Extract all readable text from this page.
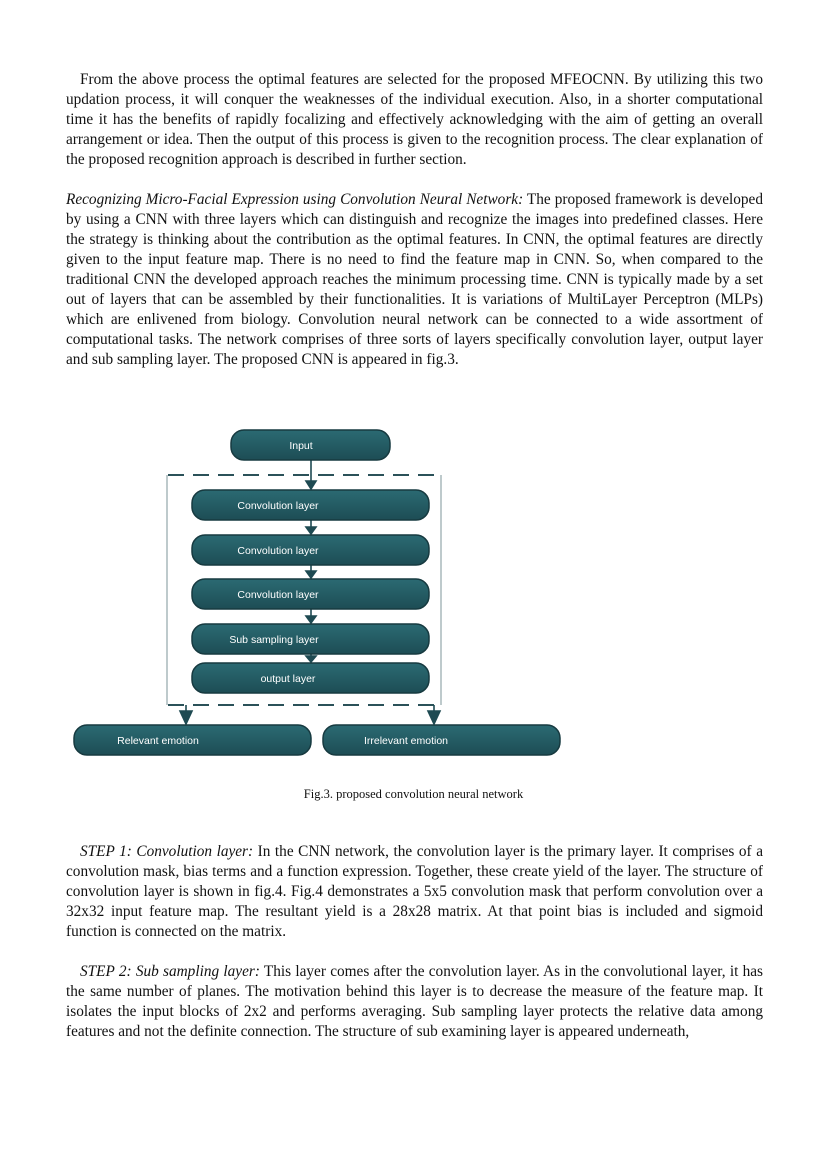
From the above process the optimal features are selected for the proposed MFEOCNN. By utilizing this two updation process, it will conquer the weaknesses of the individual execution. Also, in a shorter computational time it has the benefits of rapidly focalizing and effectively acknowledging with the aim of getting an overall arrangement or idea. Then the output of this process is given to the recognition process. The clear explanation of the proposed recognition approach is described in further section.

Recognizing Micro-Facial Expression using Convolution Neural Network: The proposed framework is developed by using a CNN with three layers which can distinguish and recognize the images into predefined classes. Here the strategy is thinking about the contribution as the optimal features. In CNN, the optimal features are directly given to the input feature map. There is no need to find the feature map in CNN. So, when compared to the traditional CNN the developed approach reaches the minimum processing time. CNN is typically made by a set out of layers that can be assembled by their functionalities. It is variations of MultiLayer Perceptron (MLPs) which are enlivened from biology. Convolution neural network can be connected to a wide assortment of computational tasks. The network comprises of three sorts of layers specifically convolution layer, output layer and sub sampling layer. The proposed CNN is appeared in fig.3.

Input
Convolution layer
Convolution layer
Convolution layer
Sub sampling layer
output layer
Relevant emotion	Irrelevant emotion
Fig.3. proposed convolution neural network

STEP 1: Convolution layer: In the CNN network, the convolution layer is the primary layer. It comprises of a convolution mask, bias terms and a function expression. Together, these create yield of the layer. The structure of convolution layer is shown in fig.4. Fig.4 demonstrates a 5x5 convolution mask that perform convolution over a 32x32 input feature map. The resultant yield is a 28x28 matrix. At that point bias is included and sigmoid function is connected on the matrix.

STEP 2: Sub sampling layer: This layer comes after the convolution layer. As in the convolutional layer, it has the same number of planes. The motivation behind this layer is to decrease the measure of the feature map. It isolates the input blocks of 2x2 and performs averaging. Sub sampling layer protects the relative data among features and not the definite connection. The structure of sub examining layer is appeared underneath,
